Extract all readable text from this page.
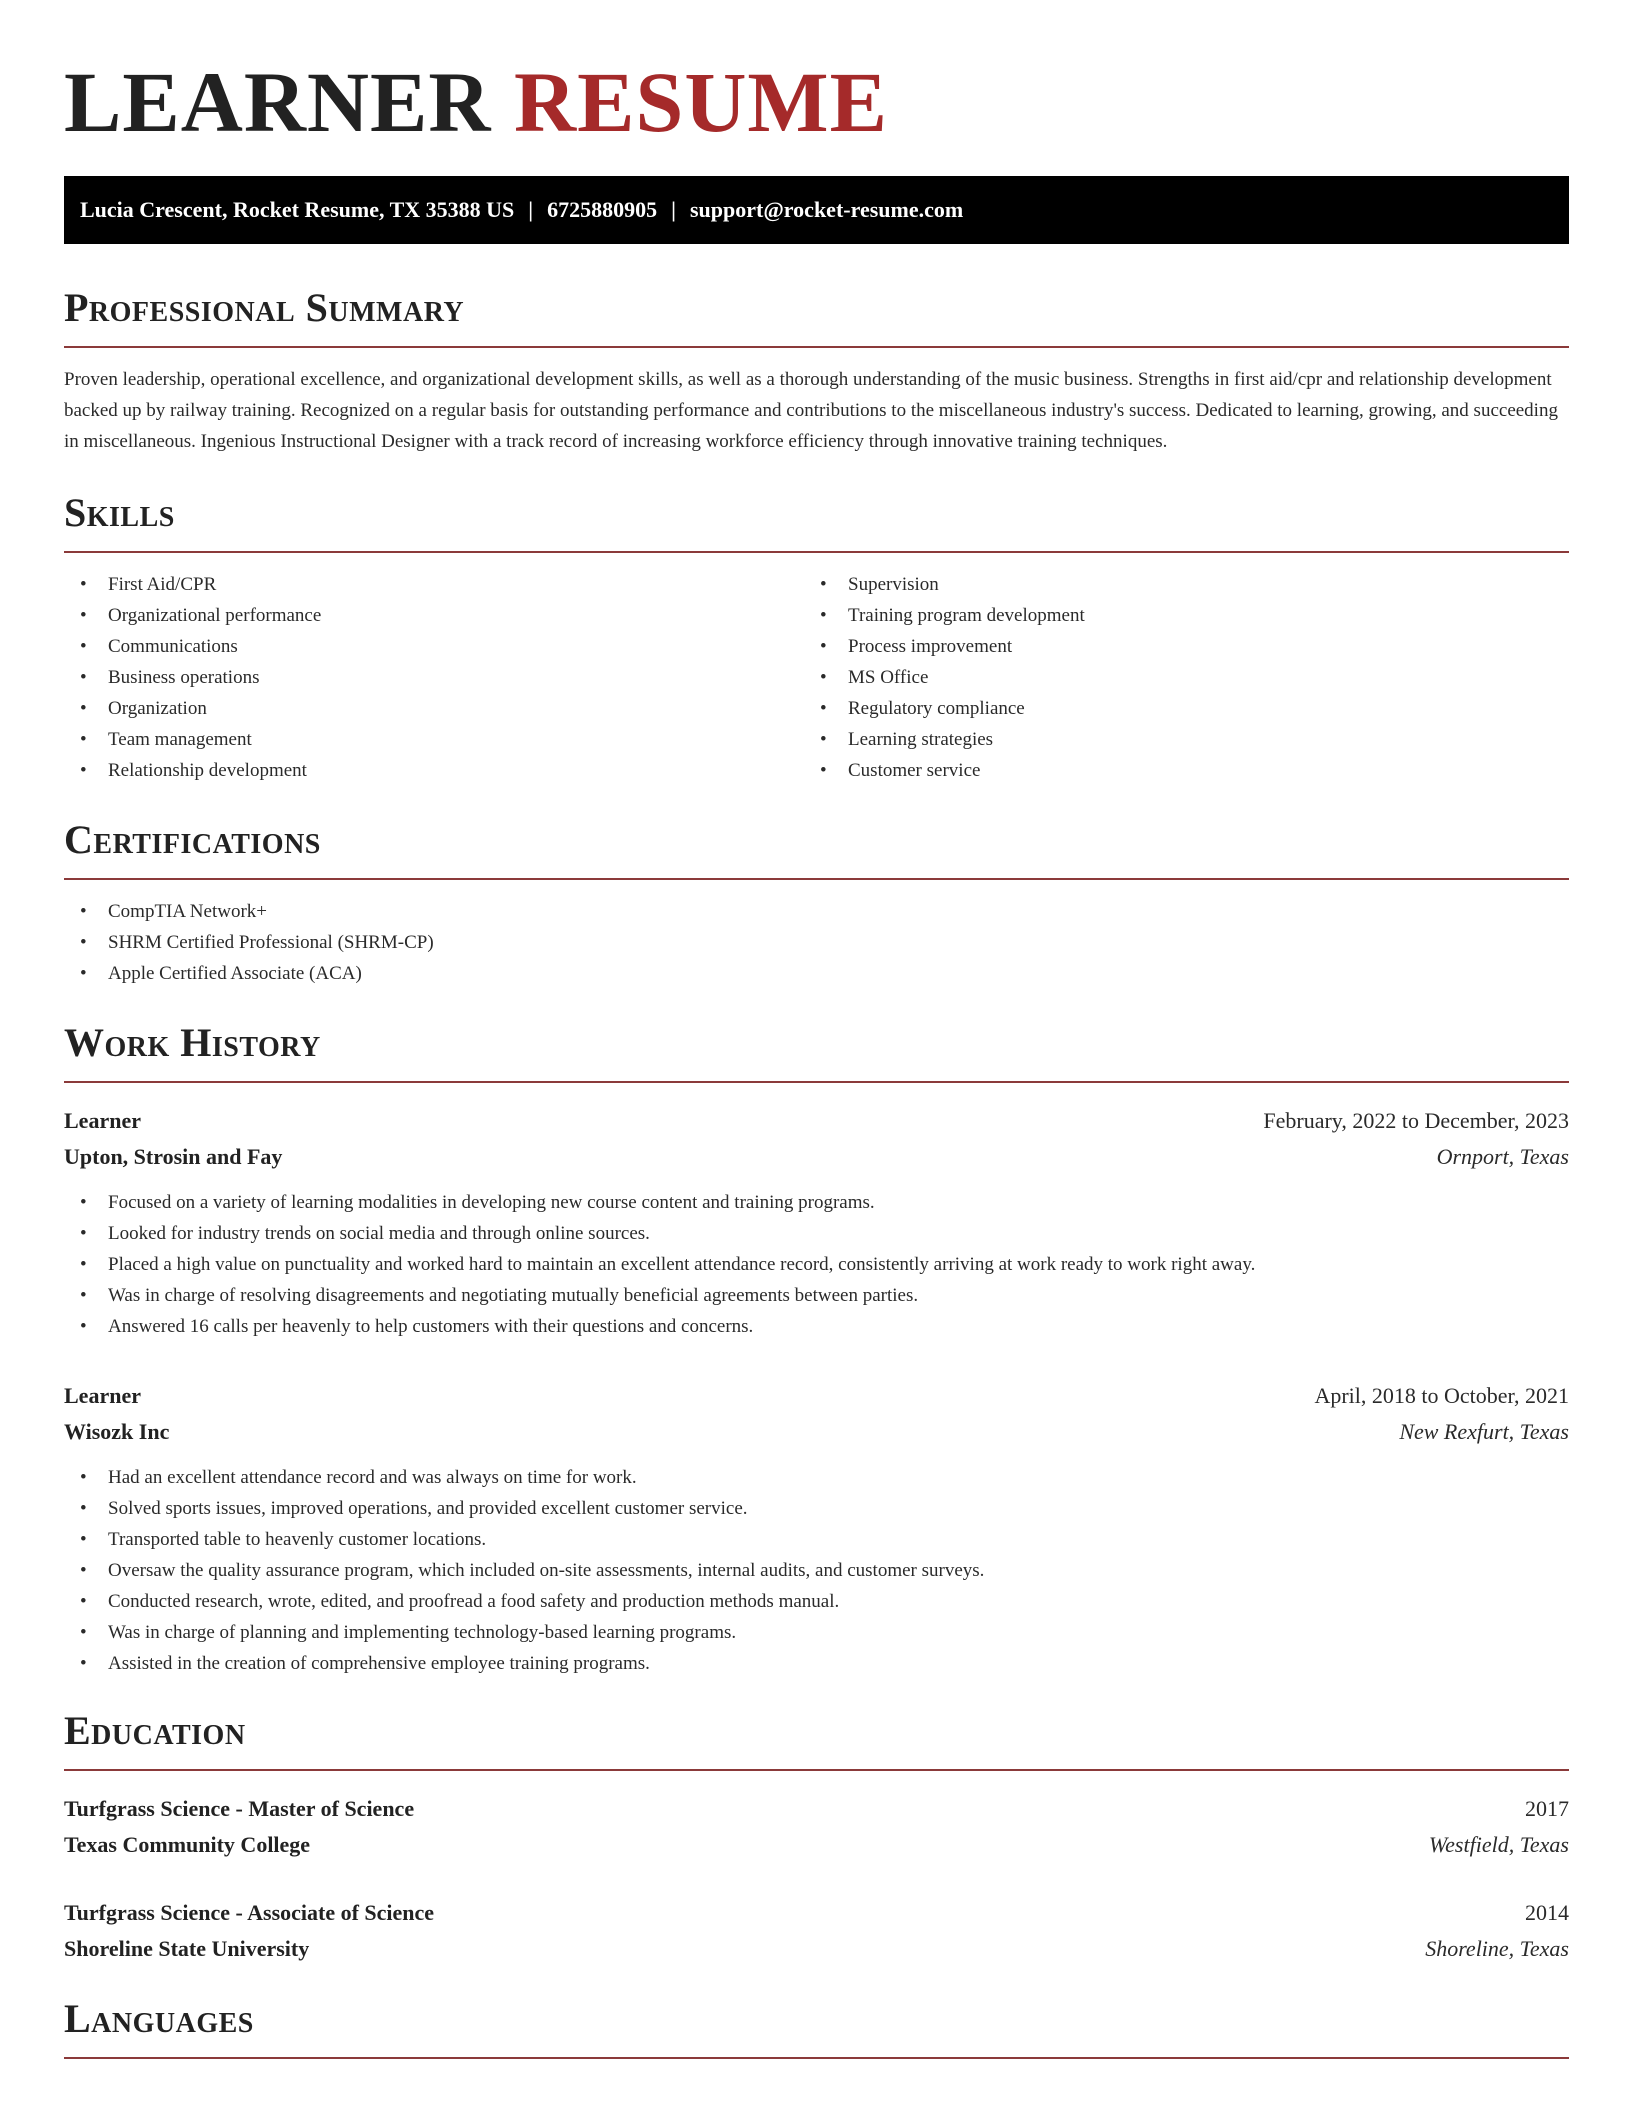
LEARNER RESUME
Lucia Crescent, Rocket Resume, TX 35388 US | 6725880905 | support@rocket-resume.com
Professional Summary
Proven leadership, operational excellence, and organizational development skills, as well as a thorough understanding of the music business. Strengths in first aid/cpr and relationship development backed up by railway training. Recognized on a regular basis for outstanding performance and contributions to the miscellaneous industry's success. Dedicated to learning, growing, and succeeding in miscellaneous. Ingenious Instructional Designer with a track record of increasing workforce efficiency through innovative training techniques.
Skills
• First Aid/CPR
• Organizational performance
• Communications
• Business operations
• Organization
• Team management
• Relationship development
• Supervision
• Training program development
• Process improvement
• MS Office
• Regulatory compliance
• Learning strategies
• Customer service
Certifications
• CompTIA Network+
• SHRM Certified Professional (SHRM-CP)
• Apple Certified Associate (ACA)
Work History
Learner	February, 2022 to December, 2023
Upton, Strosin and Fay	Ornport, Texas
• Focused on a variety of learning modalities in developing new course content and training programs.
• Looked for industry trends on social media and through online sources.
• Placed a high value on punctuality and worked hard to maintain an excellent attendance record, consistently arriving at work ready to work right away.
• Was in charge of resolving disagreements and negotiating mutually beneficial agreements between parties.
• Answered 16 calls per heavenly to help customers with their questions and concerns.
Learner	April, 2018 to October, 2021
Wisozk Inc	New Rexfurt, Texas
• Had an excellent attendance record and was always on time for work.
• Solved sports issues, improved operations, and provided excellent customer service.
• Transported table to heavenly customer locations.
• Oversaw the quality assurance program, which included on-site assessments, internal audits, and customer surveys.
• Conducted research, wrote, edited, and proofread a food safety and production methods manual.
• Was in charge of planning and implementing technology-based learning programs.
• Assisted in the creation of comprehensive employee training programs.
Education
Turfgrass Science - Master of Science	2017
Texas Community College	Westfield, Texas
Turfgrass Science - Associate of Science	2014
Shoreline State University	Shoreline, Texas
Languages
